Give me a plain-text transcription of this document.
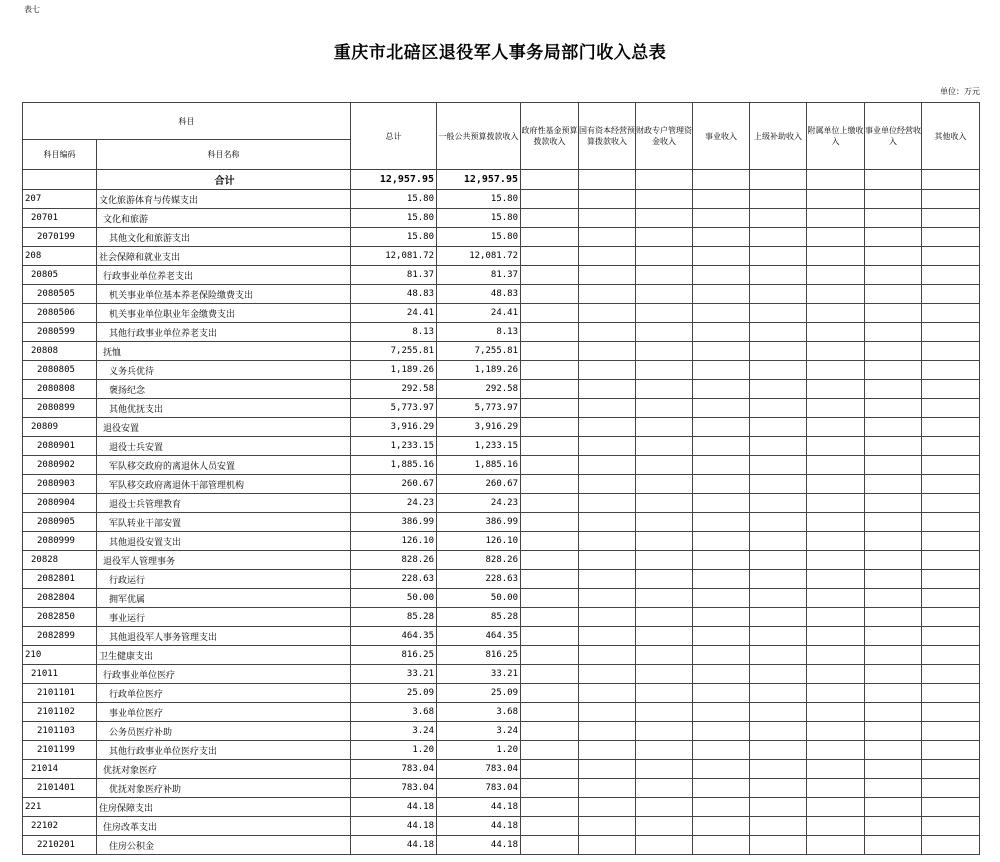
表七
重庆市北碚区退役军人事务局部门收入总表
单位：万元
科目		总计	一般公共预算拨款收入	政府性基金预算拨款收入	国有资本经营预算拨款收入	财政专户管理资金收入	事业收入	上级补助收入	附属单位上缴收入	事业单位经营收入	其他收入
科目编码	科目名称										
	合计	12,957.95	12,957.95								
207	文化旅游体育与传媒支出	15.80	15.80								
20701	文化和旅游	15.80	15.80								
2070199	其他文化和旅游支出	15.80	15.80								
208	社会保障和就业支出	12,081.72	12,081.72								
20805	行政事业单位养老支出	81.37	81.37								
2080505	机关事业单位基本养老保险缴费支出	48.83	48.83								
2080506	机关事业单位职业年金缴费支出	24.41	24.41								
2080599	其他行政事业单位养老支出	8.13	8.13								
20808	抚恤	7,255.81	7,255.81								
2080805	义务兵优待	1,189.26	1,189.26								
2080808	褒扬纪念	292.58	292.58								
2080899	其他优抚支出	5,773.97	5,773.97								
20809	退役安置	3,916.29	3,916.29								
2080901	退役士兵安置	1,233.15	1,233.15								
2080902	军队移交政府的离退休人员安置	1,885.16	1,885.16								
2080903	军队移交政府离退休干部管理机构	260.67	260.67								
2080904	退役士兵管理教育	24.23	24.23								
2080905	军队转业干部安置	386.99	386.99								
2080999	其他退役安置支出	126.10	126.10								
20828	退役军人管理事务	828.26	828.26								
2082801	行政运行	228.63	228.63								
2082804	拥军优属	50.00	50.00								
2082850	事业运行	85.28	85.28								
2082899	其他退役军人事务管理支出	464.35	464.35								
210	卫生健康支出	816.25	816.25								
21011	行政事业单位医疗	33.21	33.21								
2101101	行政单位医疗	25.09	25.09								
2101102	事业单位医疗	3.68	3.68								
2101103	公务员医疗补助	3.24	3.24								
2101199	其他行政事业单位医疗支出	1.20	1.20								
21014	优抚对象医疗	783.04	783.04								
2101401	优抚对象医疗补助	783.04	783.04								
221	住房保障支出	44.18	44.18								
22102	住房改革支出	44.18	44.18								
2210201	住房公积金	44.18	44.18								
